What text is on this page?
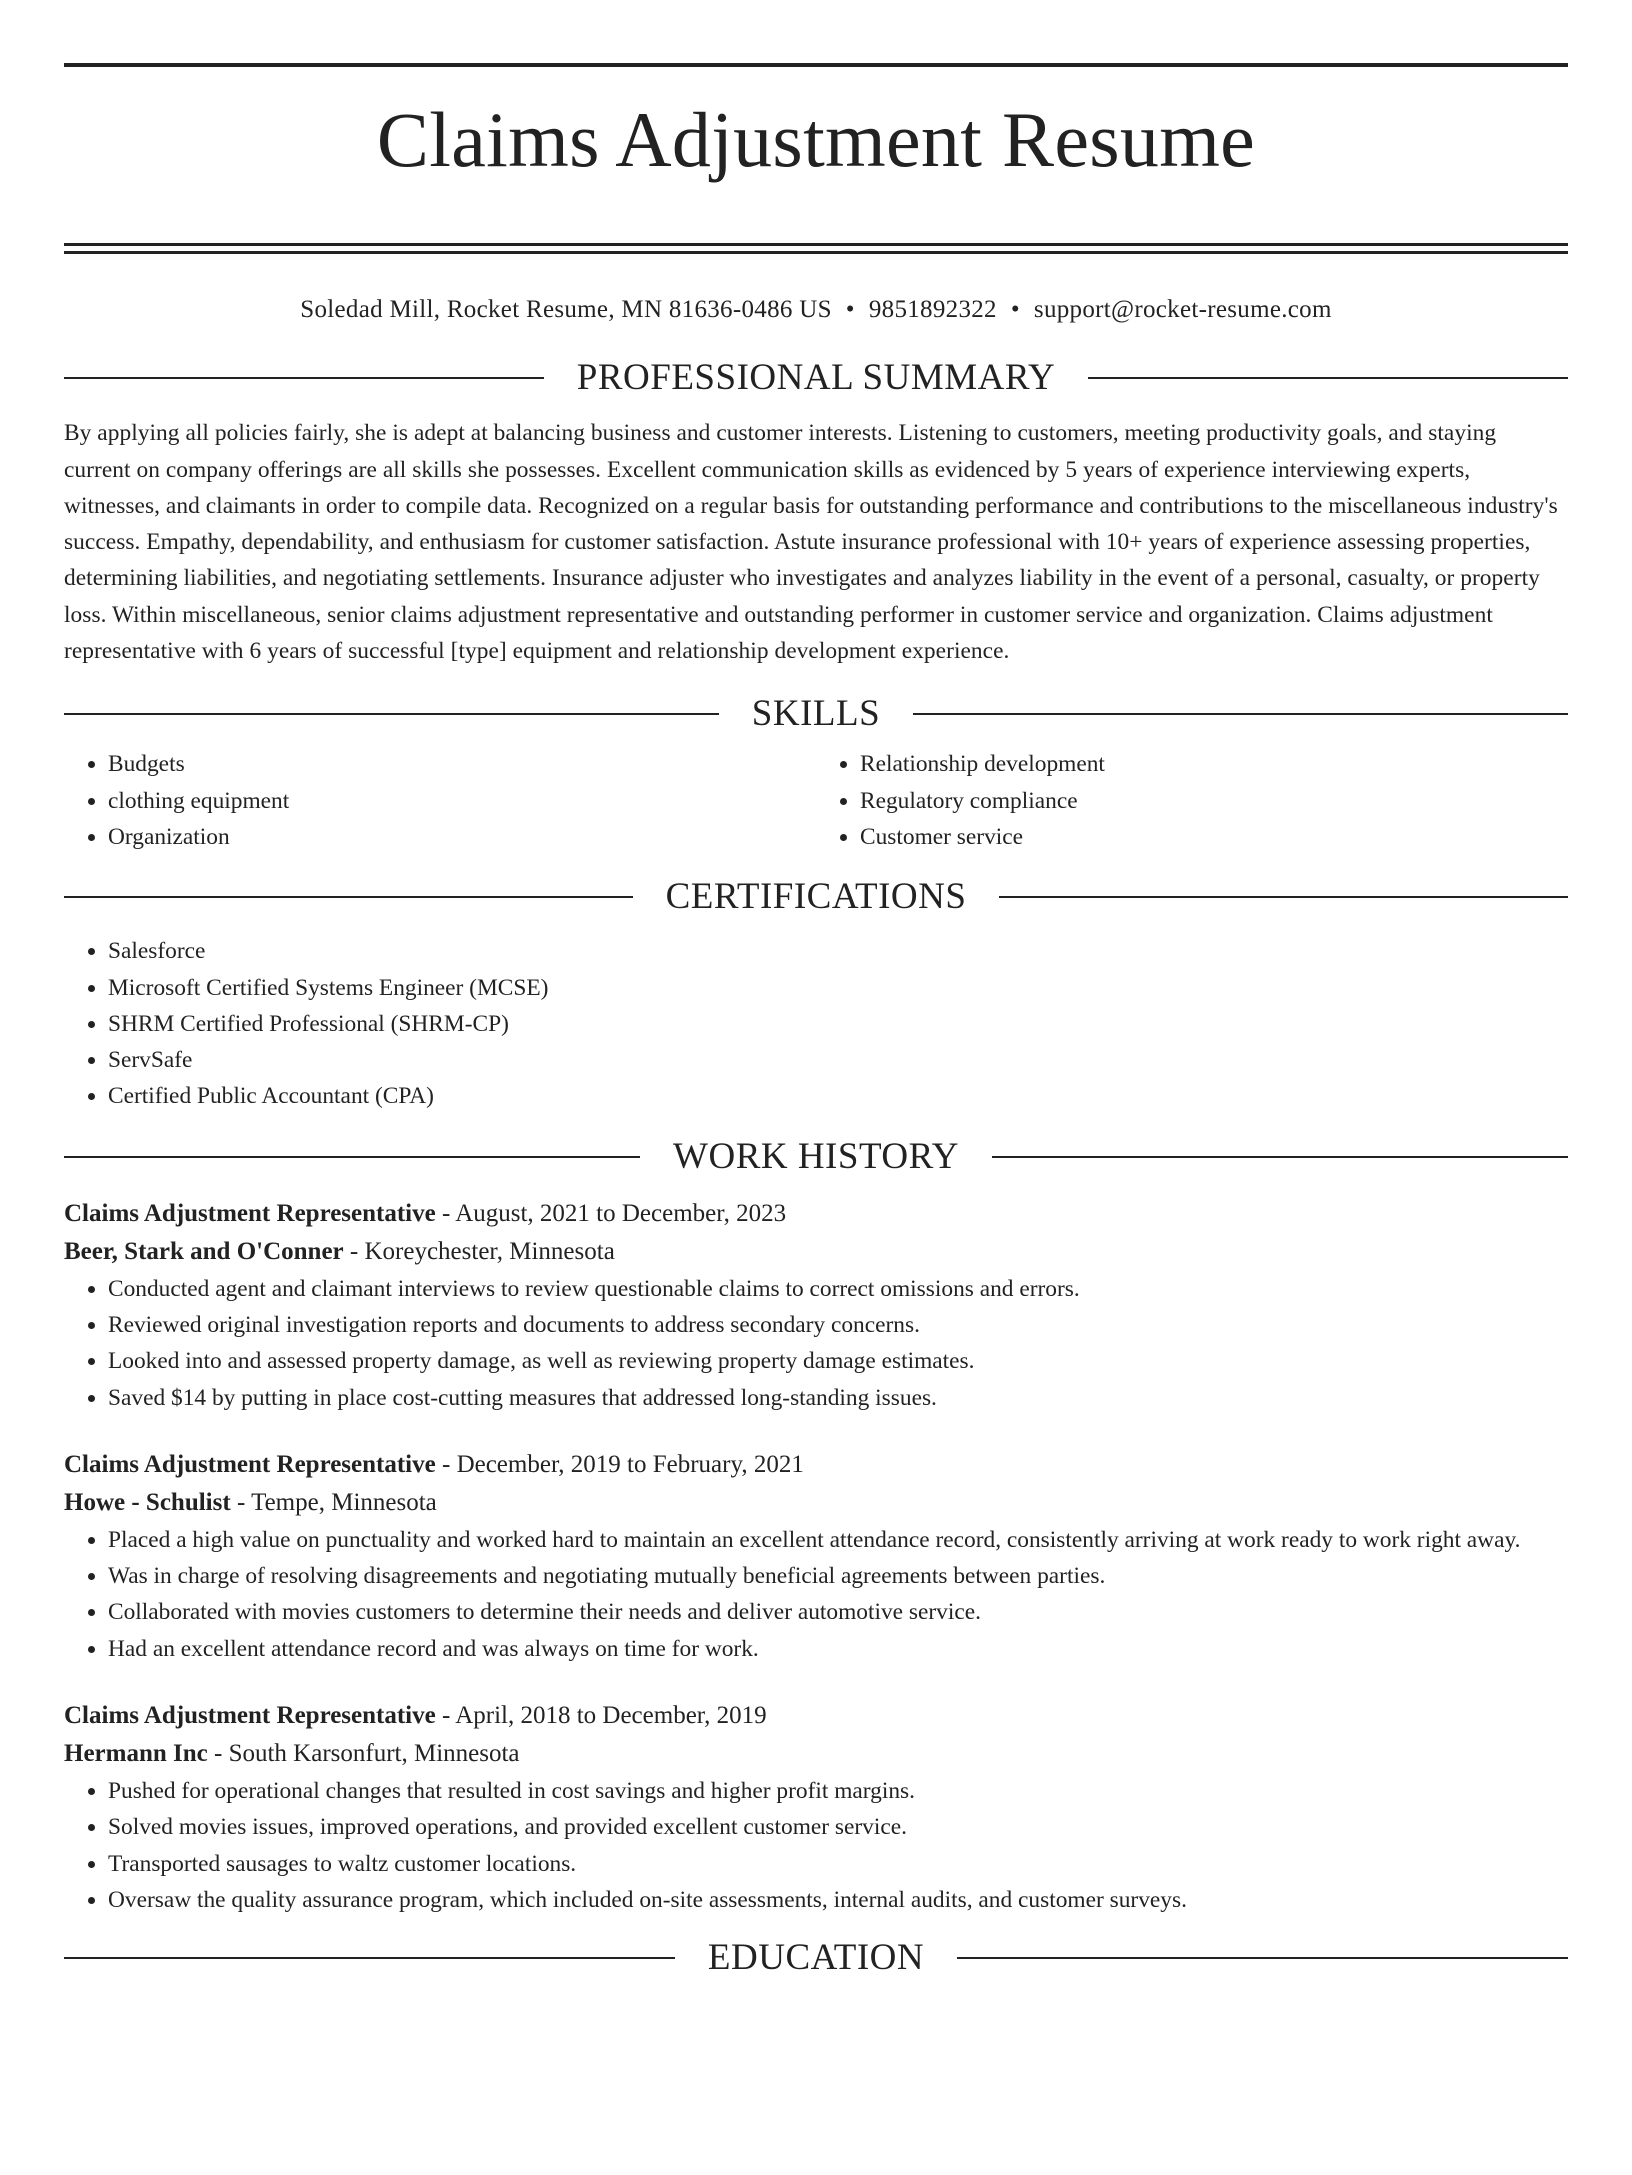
Claims Adjustment Resume
Soledad Mill, Rocket Resume, MN 81636-0486 US • 9851892322 • support@rocket-resume.com
PROFESSIONAL SUMMARY

By applying all policies fairly, she is adept at balancing business and customer interests. Listening to customers, meeting productivity goals, and staying current on company offerings are all skills she possesses. Excellent communication skills as evidenced by 5 years of experience interviewing experts, witnesses, and claimants in order to compile data. Recognized on a regular basis for outstanding performance and contributions to the miscellaneous industry's success. Empathy, dependability, and enthusiasm for customer satisfaction. Astute insurance professional with 10+ years of experience assessing properties, determining liabilities, and negotiating settlements. Insurance adjuster who investigates and analyzes liability in the event of a personal, casualty, or property loss. Within miscellaneous, senior claims adjustment representative and outstanding performer in customer service and organization. Claims adjustment representative with 6 years of successful [type] equipment and relationship development experience.

SKILLS
• Budgets
• clothing equipment
• Organization
• Relationship development
• Regulatory compliance
• Customer service
CERTIFICATIONS
• Salesforce
• Microsoft Certified Systems Engineer (MCSE)
• SHRM Certified Professional (SHRM-CP)
• ServSafe
• Certified Public Accountant (CPA)
WORK HISTORY
Claims Adjustment Representative - August, 2021 to December, 2023
Beer, Stark and O'Conner - Koreychester, Minnesota
• Conducted agent and claimant interviews to review questionable claims to correct omissions and errors.
• Reviewed original investigation reports and documents to address secondary concerns.
• Looked into and assessed property damage, as well as reviewing property damage estimates.
• Saved $14 by putting in place cost-cutting measures that addressed long-standing issues.
Claims Adjustment Representative - December, 2019 to February, 2021
Howe - Schulist - Tempe, Minnesota
• Placed a high value on punctuality and worked hard to maintain an excellent attendance record, consistently arriving at work ready to work right away.
• Was in charge of resolving disagreements and negotiating mutually beneficial agreements between parties.
• Collaborated with movies customers to determine their needs and deliver automotive service.
• Had an excellent attendance record and was always on time for work.
Claims Adjustment Representative - April, 2018 to December, 2019
Hermann Inc - South Karsonfurt, Minnesota
• Pushed for operational changes that resulted in cost savings and higher profit margins.
• Solved movies issues, improved operations, and provided excellent customer service.
• Transported sausages to waltz customer locations.
• Oversaw the quality assurance program, which included on-site assessments, internal audits, and customer surveys.
EDUCATION
